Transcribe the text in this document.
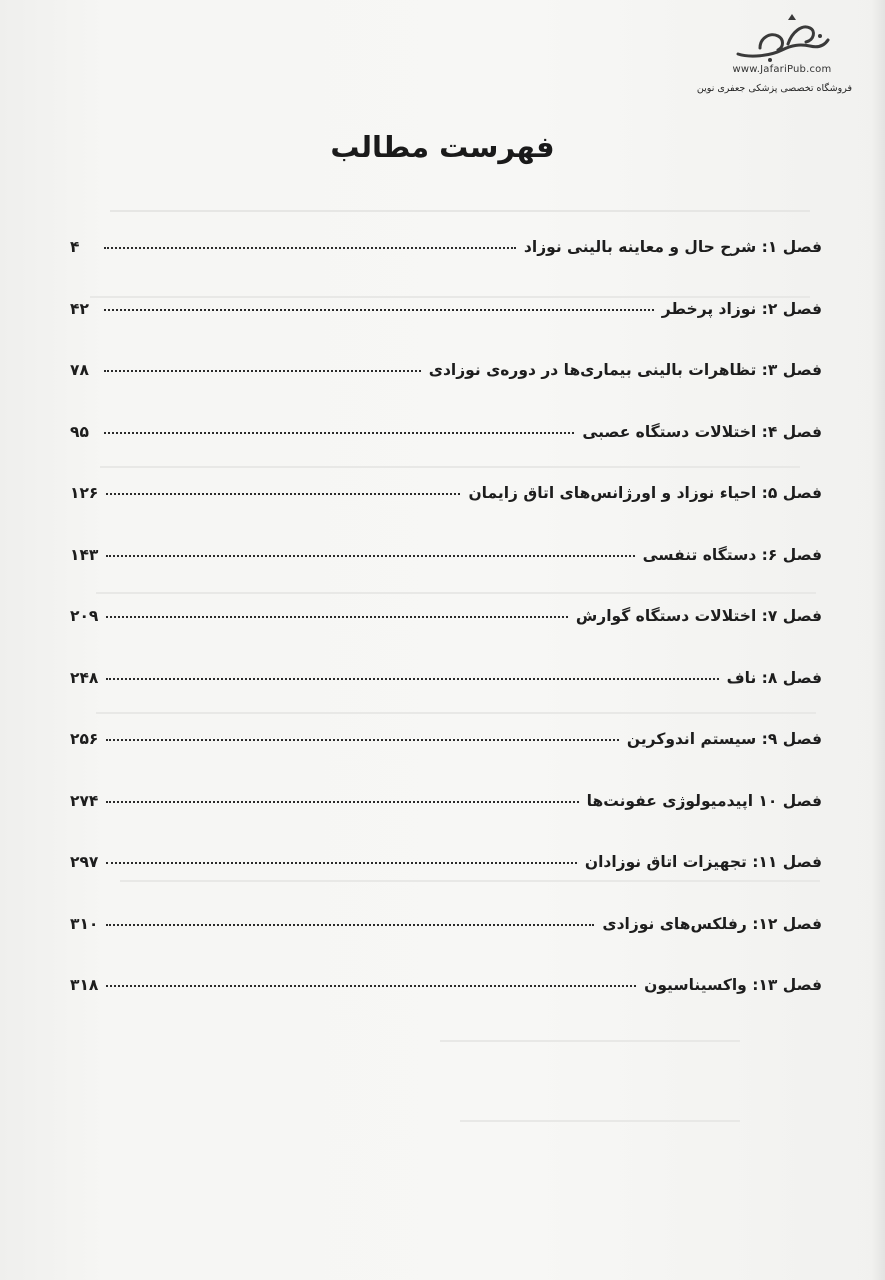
www.JafariPub.com
فروشگاه تخصصی پزشکی جعفری نوین
فهرست مطالب
فصل ۱: شرح حال و معاینه بالینی نوزاد
۴
فصل ۲: نوزاد پرخطر
۴۲
فصل ۳: تظاهرات بالینی بیماری‌ها در دوره‌ی نوزادی
۷۸
فصل ۴: اختلالات دستگاه عصبی
۹۵
فصل ۵: احیاء نوزاد و اورژانس‌های اتاق زایمان
۱۲۶
فصل ۶: دستگاه تنفسی
۱۴۳
فصل ۷: اختلالات دستگاه گوارش
۲۰۹
فصل ۸: ناف
۲۴۸
فصل ۹: سیستم اندوکرین
۲۵۶
فصل ۱۰ اپیدمیولوژی عفونت‌ها
۲۷۴
فصل ۱۱: تجهیزات اتاق نوزادان
۲۹۷
فصل ۱۲: رفلکس‌های نوزادی
۳۱۰
فصل ۱۳: واکسیناسیون
۳۱۸
